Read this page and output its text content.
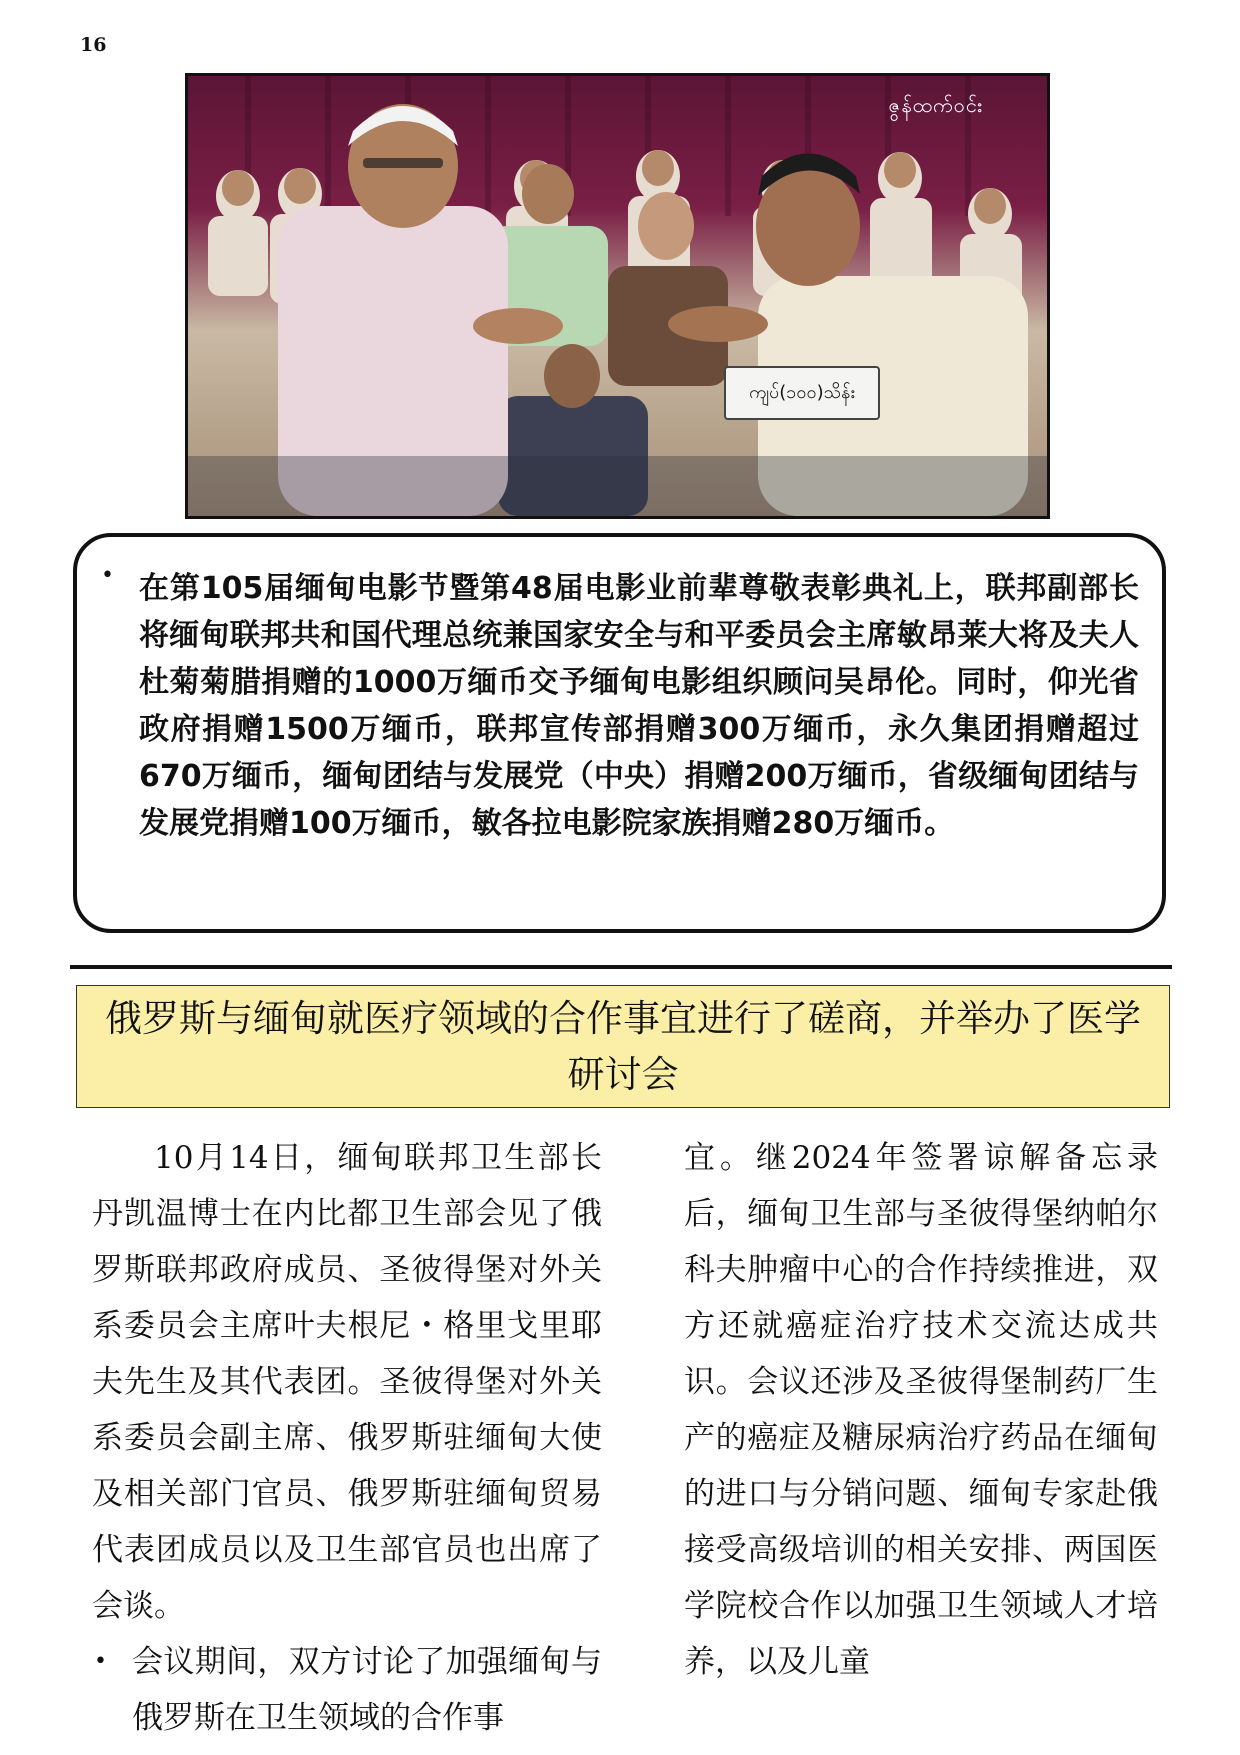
16
ဇွန်ထက်ဝင်း
ကျပ်(၁၀၀)သိန်း
• 在第105届缅甸电影节暨第48届电影业前辈尊敬表彰典礼上，联邦副部长将缅甸联邦共和国代理总统兼国家安全与和平委员会主席敏昂莱大将及夫人杜菊菊腊捐赠的1000万缅币交予缅甸电影组织顾问吴昂伦。同时，仰光省政府捐赠1500万缅币，联邦宣传部捐赠300万缅币，永久集团捐赠超过670万缅币，缅甸团结与发展党（中央）捐赠200万缅币，省级缅甸团结与发展党捐赠100万缅币，敏各拉电影院家族捐赠280万缅币。
俄罗斯与缅甸就医疗领域的合作事宜进行了磋商，并举办了医学研讨会

10月14日，缅甸联邦卫生部长丹凯温博士在内比都卫生部会见了俄罗斯联邦政府成员、圣彼得堡对外关系委员会主席叶夫根尼・格里戈里耶夫先生及其代表团。圣彼得堡对外关系委员会副主席、俄罗斯驻缅甸大使及相关部门官员、俄罗斯驻缅甸贸易代表团成员以及卫生部官员也出席了会谈。

• 会议期间，双方讨论了加强缅甸与俄罗斯在卫生领域的合作事

宜。继2024年签署谅解备忘录后，缅甸卫生部与圣彼得堡纳帕尔科夫肿瘤中心的合作持续推进，双方还就癌症治疗技术交流达成共识。会议还涉及圣彼得堡制药厂生产的癌症及糖尿病治疗药品在缅甸的进口与分销问题、缅甸专家赴俄接受高级培训的相关安排、两国医学院校合作以加强卫生领域人才培养，以及儿童
